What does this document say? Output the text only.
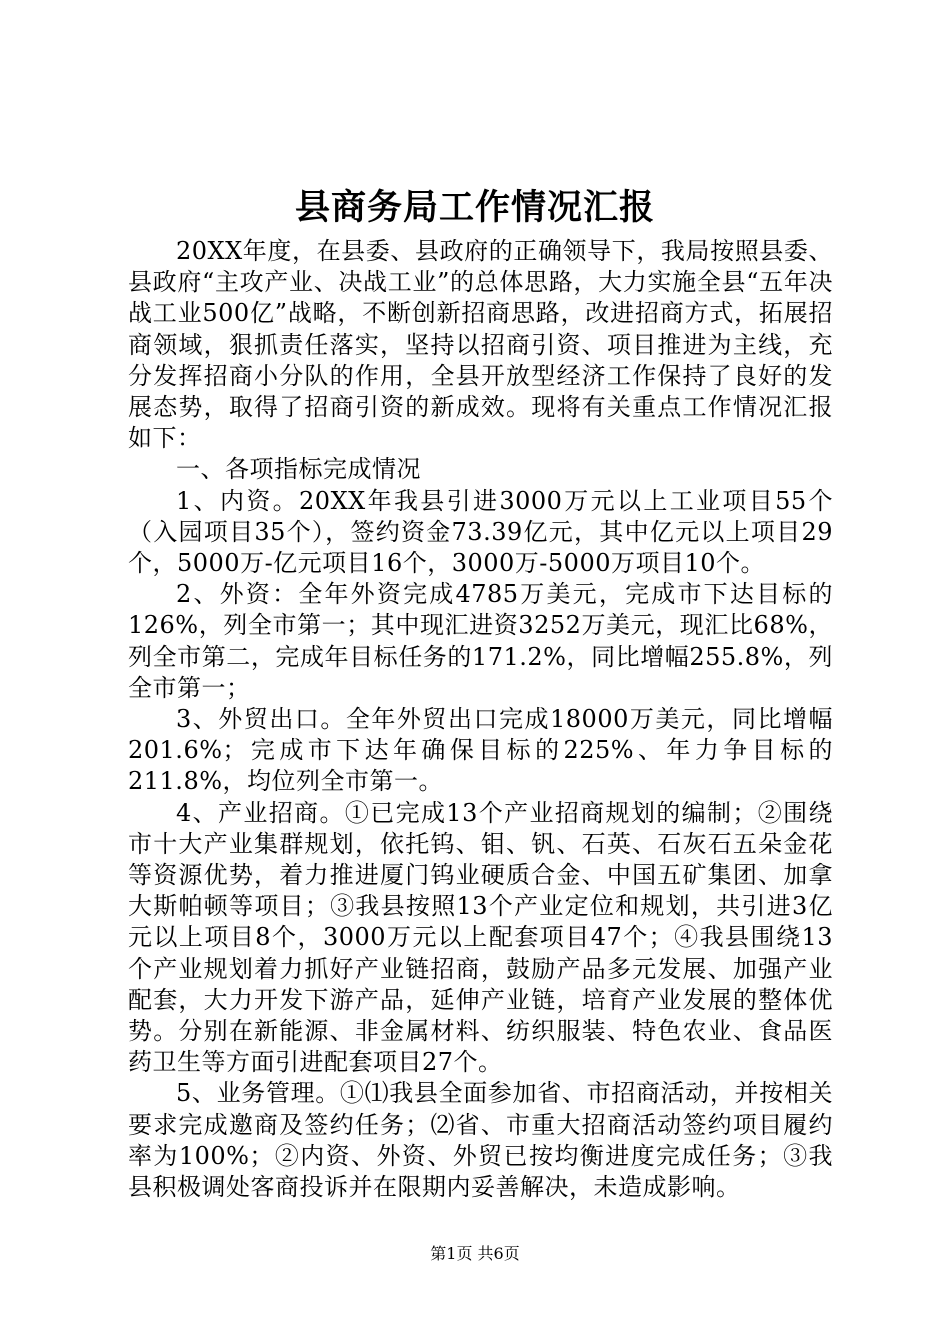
县商务局工作情况汇报

20XX年度，在县委、县政府的正确领导下，我局按照县委、县政府“主攻产业、决战工业”的总体思路，大力实施全县“五年决战工业500亿”战略，不断创新招商思路，改进招商方式，拓展招商领域，狠抓责任落实，坚持以招商引资、项目推进为主线，充分发挥招商小分队的作用，全县开放型经济工作保持了良好的发展态势，取得了招商引资的新成效。现将有关重点工作情况汇报如下：

一、各项指标完成情况

1、内资。20XX年我县引进3000万元以上工业项目55个（入园项目35个），签约资金73.39亿元，其中亿元以上项目29个，5000万-亿元项目16个，3000万-5000万项目10个。

2、外资：全年外资完成4785万美元，完成市下达目标的126%，列全市第一；其中现汇进资3252万美元，现汇比68%，列全市第二，完成年目标任务的171.2%，同比增幅255.8%，列全市第一；

3、外贸出口。全年外贸出口完成18000万美元，同比增幅201.6%；完成市下达年确保目标的225%、年力争目标的211.8%，均位列全市第一。

4、产业招商。①已完成13个产业招商规划的编制；②围绕市十大产业集群规划，依托钨、钼、钒、石英、石灰石五朵金花等资源优势，着力推进厦门钨业硬质合金、中国五矿集团、加拿大斯帕顿等项目；③我县按照13个产业定位和规划，共引进3亿元以上项目8个，3000万元以上配套项目47个；④我县围绕13个产业规划着力抓好产业链招商，鼓励产品多元发展、加强产业配套，大力开发下游产品，延伸产业链，培育产业发展的整体优势。分别在新能源、非金属材料、纺织服装、特色农业、食品医药卫生等方面引进配套项目27个。

5、业务管理。①⑴我县全面参加省、市招商活动，并按相关要求完成邀商及签约任务；⑵省、市重大招商活动签约项目履约率为100%；②内资、外资、外贸已按均衡进度完成任务；③我县积极调处客商投诉并在限期内妥善解决，未造成影响。

第1页 共6页
